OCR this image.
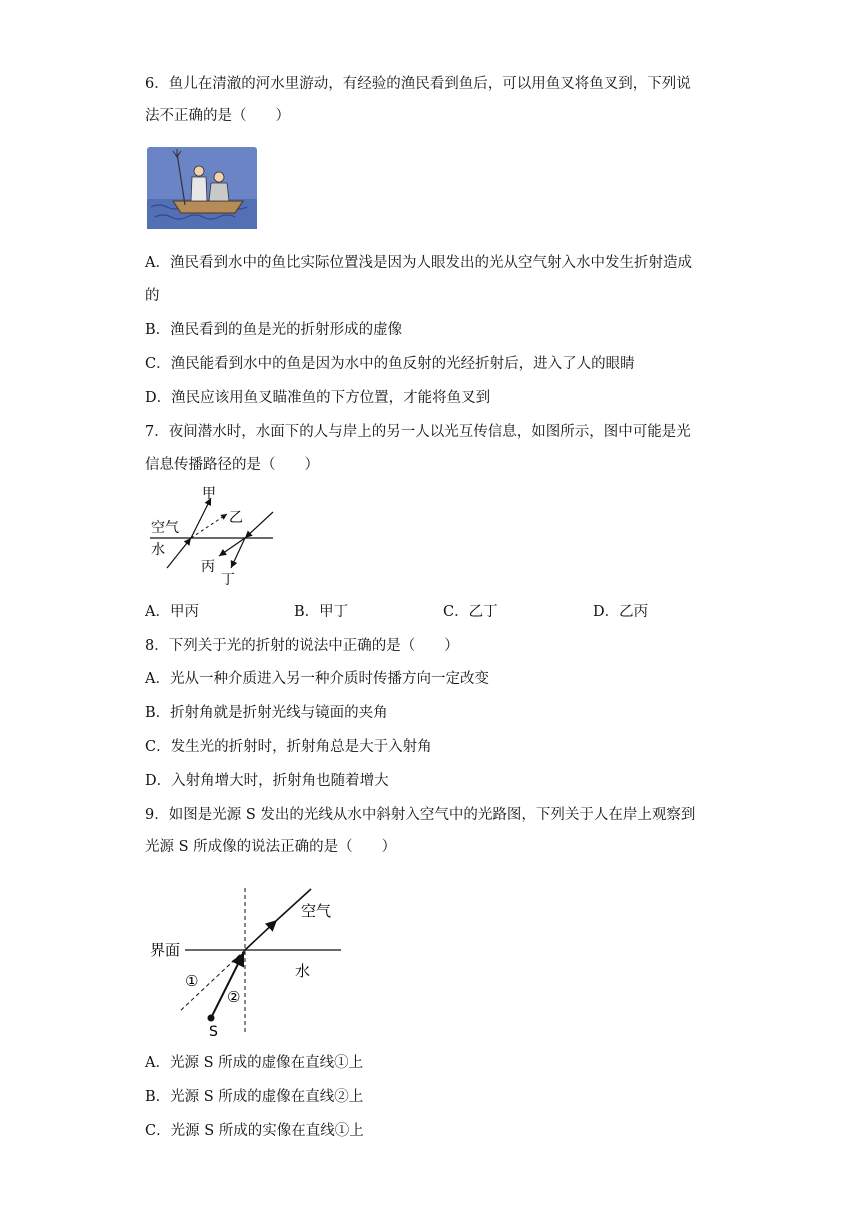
6．鱼儿在清澈的河水里游动，有经验的渔民看到鱼后，可以用鱼叉将鱼叉到，下列说
法不正确的是（　　）
A．渔民看到水中的鱼比实际位置浅是因为人眼发出的光从空气射入水中发生折射造成
的
B．渔民看到的鱼是光的折射形成的虚像
C．渔民能看到水中的鱼是因为水中的鱼反射的光经折射后，进入了人的眼睛
D．渔民应该用鱼叉瞄准鱼的下方位置，才能将鱼叉到
7．夜间潜水时，水面下的人与岸上的另一人以光互传信息，如图所示，图中可能是光
信息传播路径的是（　　）
甲
乙
丙
丁
空气
水
A．甲丙	B．甲丁	C．乙丁	D．乙丙
8．下列关于光的折射的说法中正确的是（　　）
A．光从一种介质进入另一种介质时传播方向一定改变
B．折射角就是折射光线与镜面的夹角
C．发生光的折射时，折射角总是大于入射角
D．入射角增大时，折射角也随着增大
9．如图是光源 S 发出的光线从水中斜射入空气中的光路图，下列关于人在岸上观察到
光源 S 所成像的说法正确的是（　　）
界面
空气
水
①
②
S
A．光源 S 所成的虚像在直线①上
B．光源 S 所成的虚像在直线②上
C．光源 S 所成的实像在直线①上
